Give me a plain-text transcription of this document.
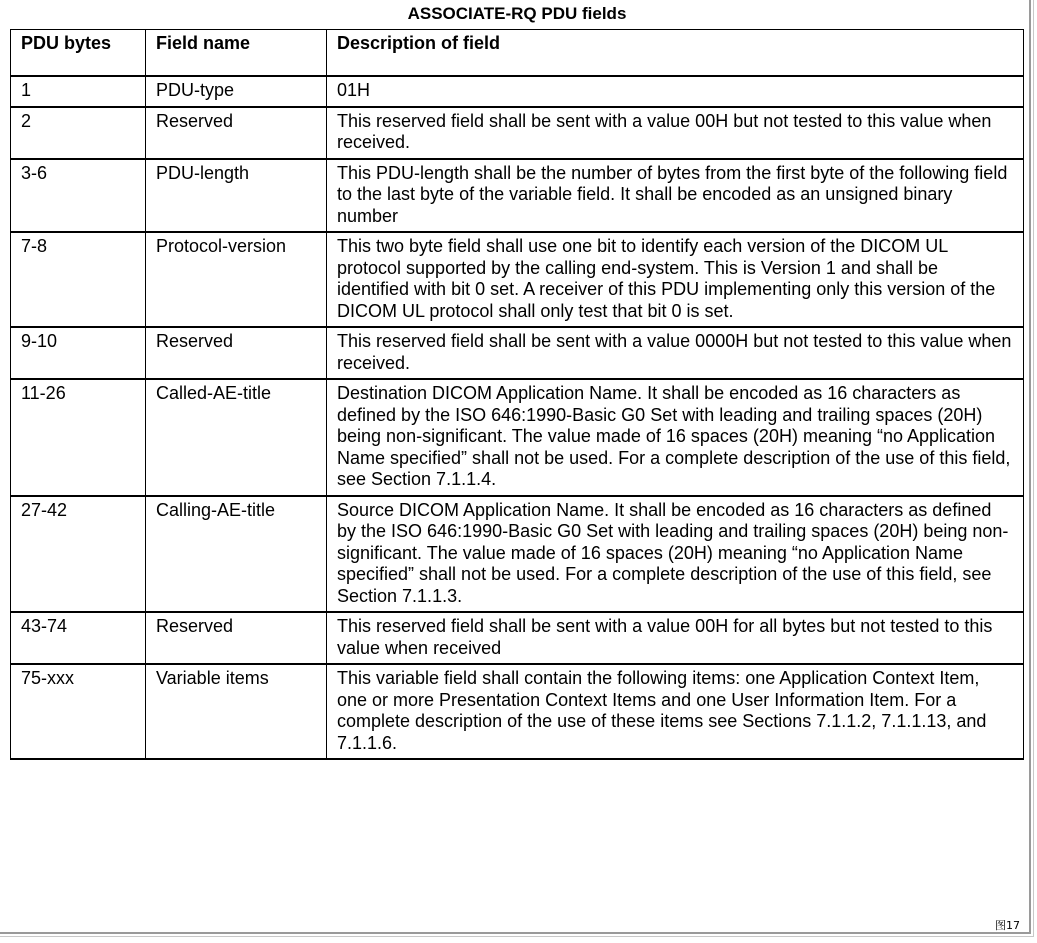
ASSOCIATE-RQ PDU fields
PDU bytes	Field name	Description of field
1	PDU-type	01H
2	Reserved	This reserved field shall be sent with a value 00H but not tested to this value when received.
3-6	PDU-length	This PDU-length shall be the number of bytes from the first byte of the following field to the last byte of the variable field. It shall be encoded as an unsigned binary number
7-8	Protocol-version	This two byte field shall use one bit to identify each version of the DICOM UL protocol supported by the calling end-system. This is Version 1 and shall be identified with bit 0 set. A receiver of this PDU implementing only this version of the DICOM UL protocol shall only test that bit 0 is set.
9-10	Reserved	This reserved field shall be sent with a value 0000H but not tested to this value when received.
11-26	Called-AE-title	Destination DICOM Application Name. It shall be encoded as 16 characters as defined by the ISO 646:1990-Basic G0 Set with leading and trailing spaces (20H) being non-significant. The value made of 16 spaces (20H) meaning “no Application Name specified” shall not be used. For a complete description of the use of this field, see Section 7.1.1.4.
27-42	Calling-AE-title	Source DICOM Application Name. It shall be encoded as 16 characters as defined by the ISO 646:1990-Basic G0 Set with leading and trailing spaces (20H) being non-significant. The value made of 16 spaces (20H) meaning “no Application Name specified” shall not be used. For a complete description of the use of this field, see Section 7.1.1.3.
43-74	Reserved	This reserved field shall be sent with a value 00H for all bytes but not tested to this value when received
75-xxx	Variable items	This variable field shall contain the following items: one Application Context Item, one or more Presentation Context Items and one User Information Item. For a complete description of the use of these items see Sections 7.1.1.2, 7.1.1.13, and 7.1.1.6.
图17
